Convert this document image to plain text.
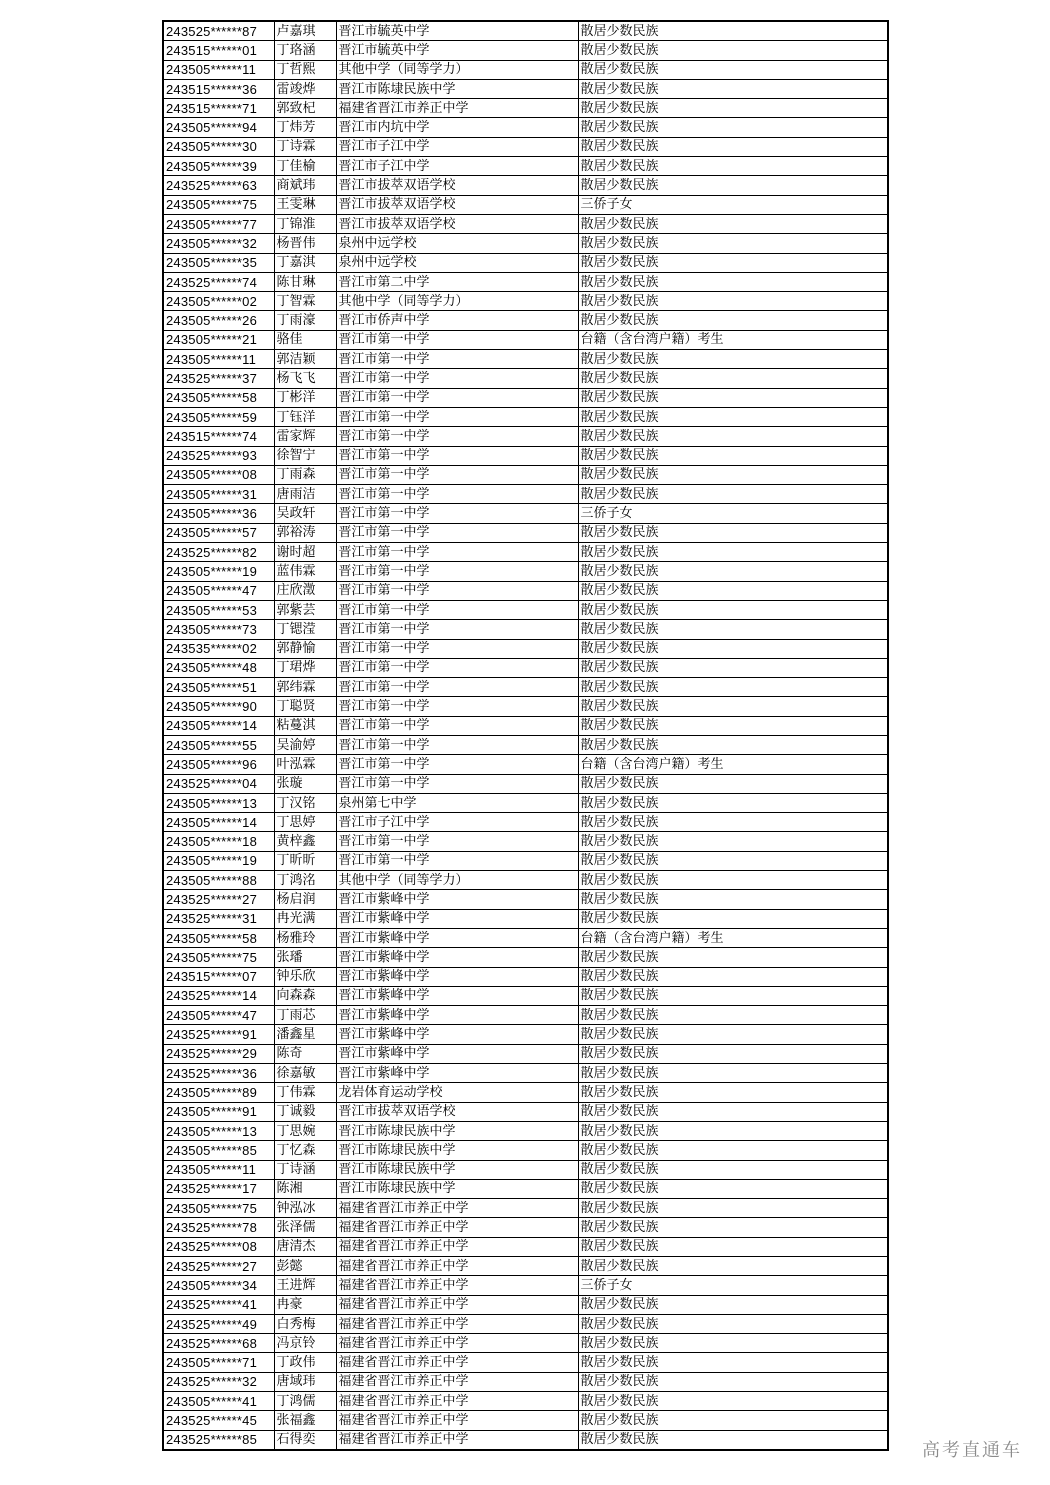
243525******87	卢嘉琪	晋江市毓英中学	散居少数民族
243515******01	丁珞涵	晋江市毓英中学	散居少数民族
243505******11	丁哲熙	其他中学（同等学力）	散居少数民族
243515******36	雷竣烨	晋江市陈埭民族中学	散居少数民族
243515******71	郭致杞	福建省晋江市养正中学	散居少数民族
243505******94	丁炜芳	晋江市内坑中学	散居少数民族
243505******30	丁诗霖	晋江市子江中学	散居少数民族
243505******39	丁佳榆	晋江市子江中学	散居少数民族
243525******63	商斌玮	晋江市拔萃双语学校	散居少数民族
243505******75	王雯琳	晋江市拔萃双语学校	三侨子女
243505******77	丁锦淮	晋江市拔萃双语学校	散居少数民族
243505******32	杨晋伟	泉州中远学校	散居少数民族
243505******35	丁嘉淇	泉州中远学校	散居少数民族
243525******74	陈甘琳	晋江市第二中学	散居少数民族
243505******02	丁智霖	其他中学（同等学力）	散居少数民族
243505******26	丁雨濠	晋江市侨声中学	散居少数民族
243505******21	骆佳	晋江市第一中学	台籍（含台湾户籍）考生
243505******11	郭洁颖	晋江市第一中学	散居少数民族
243525******37	杨飞飞	晋江市第一中学	散居少数民族
243505******58	丁彬洋	晋江市第一中学	散居少数民族
243505******59	丁钰洋	晋江市第一中学	散居少数民族
243515******74	雷家辉	晋江市第一中学	散居少数民族
243525******93	徐智宁	晋江市第一中学	散居少数民族
243505******08	丁雨森	晋江市第一中学	散居少数民族
243505******31	唐雨洁	晋江市第一中学	散居少数民族
243505******36	吴政轩	晋江市第一中学	三侨子女
243505******57	郭裕涛	晋江市第一中学	散居少数民族
243525******82	谢时超	晋江市第一中学	散居少数民族
243505******19	蓝伟霖	晋江市第一中学	散居少数民族
243505******47	庄欣澂	晋江市第一中学	散居少数民族
243505******53	郭紫芸	晋江市第一中学	散居少数民族
243505******73	丁锶滢	晋江市第一中学	散居少数民族
243535******02	郭静愉	晋江市第一中学	散居少数民族
243505******48	丁珺烨	晋江市第一中学	散居少数民族
243505******51	郭纬霖	晋江市第一中学	散居少数民族
243505******90	丁聪贤	晋江市第一中学	散居少数民族
243505******14	粘蔓淇	晋江市第一中学	散居少数民族
243505******55	吴渝婷	晋江市第一中学	散居少数民族
243505******96	叶泓霖	晋江市第一中学	台籍（含台湾户籍）考生
243525******04	张璇	晋江市第一中学	散居少数民族
243505******13	丁汉铭	泉州第七中学	散居少数民族
243505******14	丁思婷	晋江市子江中学	散居少数民族
243505******18	黄梓鑫	晋江市第一中学	散居少数民族
243505******19	丁昕昕	晋江市第一中学	散居少数民族
243505******88	丁鸿洺	其他中学（同等学力）	散居少数民族
243525******27	杨启润	晋江市紫峰中学	散居少数民族
243525******31	冉光满	晋江市紫峰中学	散居少数民族
243505******58	杨雅玲	晋江市紫峰中学	台籍（含台湾户籍）考生
243505******75	张璠	晋江市紫峰中学	散居少数民族
243515******07	钟乐欣	晋江市紫峰中学	散居少数民族
243525******14	向森森	晋江市紫峰中学	散居少数民族
243505******47	丁雨芯	晋江市紫峰中学	散居少数民族
243525******91	潘鑫星	晋江市紫峰中学	散居少数民族
243525******29	陈奇	晋江市紫峰中学	散居少数民族
243525******36	徐嘉敏	晋江市紫峰中学	散居少数民族
243505******89	丁伟霖	龙岩体育运动学校	散居少数民族
243505******91	丁诚毅	晋江市拔萃双语学校	散居少数民族
243505******13	丁思婉	晋江市陈埭民族中学	散居少数民族
243505******85	丁忆森	晋江市陈埭民族中学	散居少数民族
243505******11	丁诗涵	晋江市陈埭民族中学	散居少数民族
243525******17	陈湘	晋江市陈埭民族中学	散居少数民族
243505******75	钟泓冰	福建省晋江市养正中学	散居少数民族
243525******78	张泽儒	福建省晋江市养正中学	散居少数民族
243525******08	唐清杰	福建省晋江市养正中学	散居少数民族
243525******27	彭懿	福建省晋江市养正中学	散居少数民族
243505******34	王进辉	福建省晋江市养正中学	三侨子女
243525******41	冉豪	福建省晋江市养正中学	散居少数民族
243525******49	白秀梅	福建省晋江市养正中学	散居少数民族
243525******68	冯京铃	福建省晋江市养正中学	散居少数民族
243505******71	丁政伟	福建省晋江市养正中学	散居少数民族
243525******32	唐域玮	福建省晋江市养正中学	散居少数民族
243505******41	丁鸿儒	福建省晋江市养正中学	散居少数民族
243525******45	张福鑫	福建省晋江市养正中学	散居少数民族
243525******85	石得奕	福建省晋江市养正中学	散居少数民族
高考直通车
